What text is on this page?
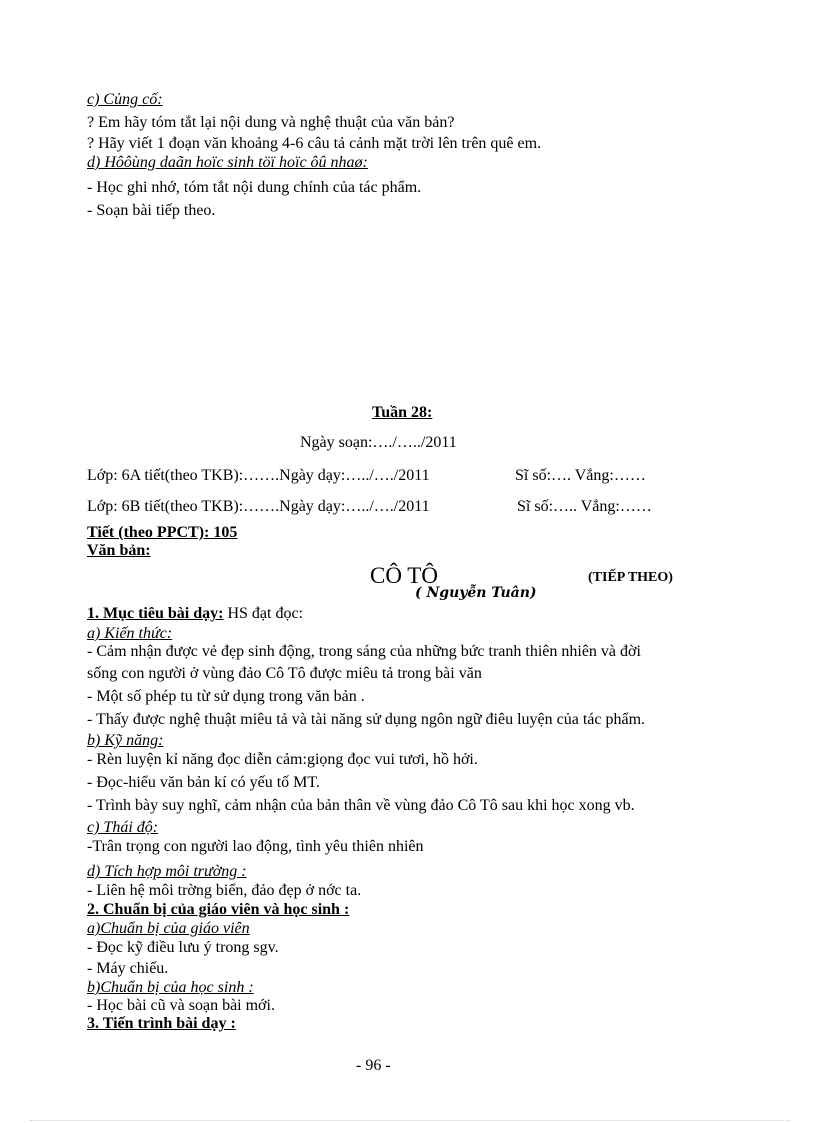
c) Củng cố:
? Em hãy tóm tắt lại nội dung và nghệ thuật của văn bản?
? Hãy viết 1 đoạn văn khoảng 4-6 câu tả cảnh mặt trời lên trên quê em.
d) Hôôùng daãn hoïc sinh töï hoïc ôû nhaø:
- Học ghi nhớ, tóm tắt nội dung chính của tác phẩm.
- Soạn bài tiếp theo.
Tuần 28:
Ngày soạn:…./…../2011
Lớp: 6A tiết(theo TKB):…….Ngày dạy:…../…./2011	Sĩ số:…. Vắng:……
Lớp: 6B tiết(theo TKB):…….Ngày dạy:…../…./2011	Sĩ số:….. Vắng:……
Tiết (theo PPCT): 105
Văn bản:
CÔ TÔ	(TIẾP THEO)
( Nguyễn Tuân)
1. Mục tiêu bài dạy: HS đạt đọc:
a) Kiến thức:
- Cảm nhận được vẻ đẹp sinh động, trong sáng của những bức tranh thiên nhiên và đời
sống con người ở vùng đảo Cô Tô được miêu tả trong bài văn
- Một số phép tu từ sử dụng trong văn bản .
- Thấy được nghệ thuật miêu tả và tài năng sử dụng ngôn ngữ điêu luyện của tác phẩm.
b) Kỹ năng:
- Rèn luyện kỉ năng đọc diễn cảm:giọng đọc vui tươi, hồ hởi.
- Đọc-hiểu văn bản kí có yếu tố MT.
- Trình bày suy nghĩ, cảm nhận của bản thân về vùng đảo Cô Tô sau khi học xong vb.
c) Thái độ:
-Trân trọng con người lao động, tình yêu thiên nhiên
d) Tích hợp môi trường :
- Liên hệ môi trờng biển, đảo đẹp ở nớc ta.
2. Chuẩn bị của giáo viên và học sinh :
a)Chuẩn bị của giáo viên
- Đọc kỹ điều lưu ý trong sgv.
- Máy chiếu.
b)Chuẩn bị của học sinh :
- Học bài cũ và soạn bài mới.
3. Tiến trình bài dạy :
- 96 -
